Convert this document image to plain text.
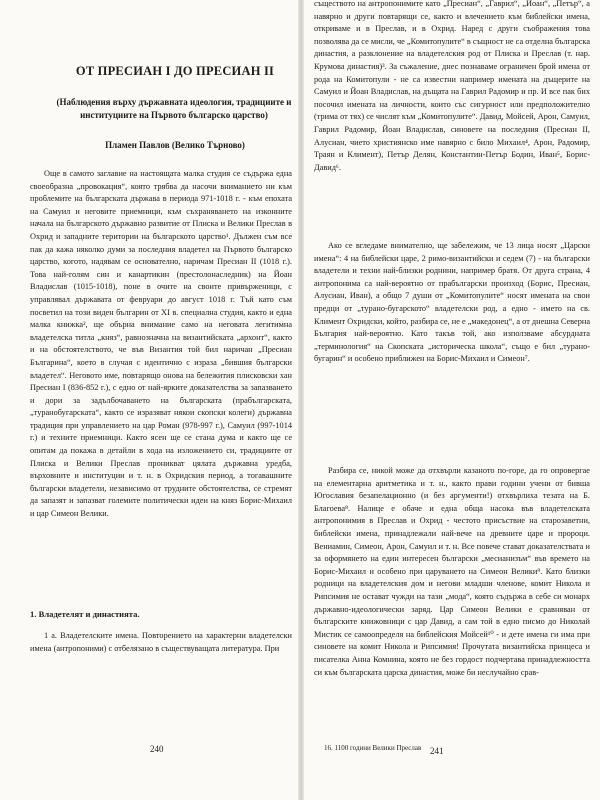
ОТ ПРЕСИАН I ДО ПРЕСИАН II
(Наблюдения върху държавната идеология, традициите и институциите на Първото българско царство)
Пламен Павлов (Велико Търново)

Още в самото заглавие на настоящата малка студия се съдържа една своеобразна „провокация“, която трябва да насочи вниманието ни към проблемите на българската държава в периода 971-1018 г. - към епохата на Самуил и неговите приемници, към съхраняването на изконните начала на българското държавно развитие от Плиска и Велики Преслав в Охрид и западните територии на българското царство¹. Дължен съм все пак да кажа няколко думи за последния владетел на Първото българско царство, когото, надявам се основателно, наричам Пресиан II (1018 г.). Това най-голям син и канартикин (престолонаследник) на Йоан Владислав (1015-1018), поне в очите на своите привърженици, с управлявал държавата от февруари до август 1018 г. Тъй като съм посветил на този виден българин от XI в. специална студия, както и една малка книжка², ще обърна внимание само на неговата легитимна владетелска титла „княз“, равнозначна на византийската „архонт“, както и на обстоятелството, че във Византия той бил наричан „Пресиан Българина“, което в случая с идентично с израза „бившия български владетел“. Неговото име, повтарящо онова на бележития плисковски хан Пресиан I (836-852 г.), с едно от най-ярките доказателства за запазването и дори за задълбочаването на българската (прабългарската, „туранобугарската“, както се изразяват някои скопски колеги) държавна традиция при управлението на цар Роман (978-997 г.), Самуил (997-1014 г.) и техните приемници. Както ясен ще се стана дума и както ще се опитам да покажа в детайли в хода на изложението си, традициите от Плиска и Велики Преслав проникват цялата държавна уредба, върховните и институции и т. н. в Охридския период, а тогавашните български владетели, независимо от трудните обстоятелства, се стремят да запазят и запазват големите политически идеи на княз Борис-Михаил и цар Симеон Велики.

1. Владетелят и династията.

1 а. Владетелските имена. Повторението на характерни владетелски имена (антропоними) с отбелязано в съществуващата литература. При

240

съществото на антропонимите като „Пресиан“, „Гаврил“, „Йоан“, „Петър“, а навярно и други повтарящи се, както и влечението към библейски имена, откриваме и в Преслав, и в Охрид. Наред с други съображения това позволява да се мисли, че „Комитопулите“ в същност не са отделна българска династия, а разклонение на владетелския род от Плиска и Преслав (т. нар. Крумова династия)³. За съжаление, днес познаваме ограничен брой имена от рода на Комитопули - не са известни например имената на дъщерите на Самуил и Йоан Владислав, на дъщата на Гаврил Радомир и пр. И все пак бих посочил имената на личности, които със сигурност или предположително (трима от тях) се числят към „Комитопулите“. Давид, Мойсей, Арон, Самуил, Гаврил Радомир, Йоан Владислав, синовете на последния (Пресиан II, Алусиан, чието християнско име навярно с било Михаил⁴, Арон, Радомир, Траян и Климент), Петър Делян, Константин-Петър Бодин, Иван⁵, Борис-Давид⁶.

Ако се вгледаме внимателно, ще забележим, че 13 лица носят „Царски имена“: 4 на библейски царе, 2 римо-византийски и седем (7) - на български владетели и техни най-близки роднини, например братя. От друга страна, 4 антропонима са най-вероятно от прабългарски произход (Борис, Пресиан, Алусиан, Иван), а общо 7 души от „Комитопулите“ носят имената на свои предци от „турано-бугарското“ владетелски род, а едно - името на св. Климент Охридски, който, разбира се, не е „македонец“, а от днешна Северна България най-вероятно. Като такъв той, ако използваме абсурдната „терминология“ на Скопската „историческа школа“, също е бил „турано-бугарин“ и особено приближен на Борис-Михаил и Симеон⁷.

Разбира се, никой може да отхвърли казаното по-горе, да го опровергае на елементарна аритметика и т. н., както прави години учени от бивша Югославия безапелационно (и без аргументи!) отхвърлиха тезата на Б. Благоева⁸. Налице е обаче и една обща насока във владетелската антропонимия в Преслав и Охрид - честото присъствие на старозаветни, библейски имена, принадлежали най-вече на древните царе и пророци. Вениамин, Симеон, Арон, Самуил и т. н. Все повече стават доказателствата и за оформянето на един интересен български „месианизъм“ във времето на Борис-Михаил и особено при царуването на Симеон Велики⁹. Като близки родници на владетелския дом и негови младши членове, комит Никола и Рипсимия не остават чужди на тази „мода“, която съдържа в себе си монарх държавно-идеологически заряд. Цар Симеон Велики е сравняван от българските книжовници с цар Давид, а сам той в едно писмо до Николай Мистик се самоопределя на библейския Мойсей¹⁰ - и дете имена ги има при синовете на комит Никола и Рипсимия! Прочутата византийска принцеса и писателка Анна Комнина, която не без гордост подчертава принадлежността си към българската царска династия, може би неслучайно срав-

16. 1100 години Велики Преслав 241
